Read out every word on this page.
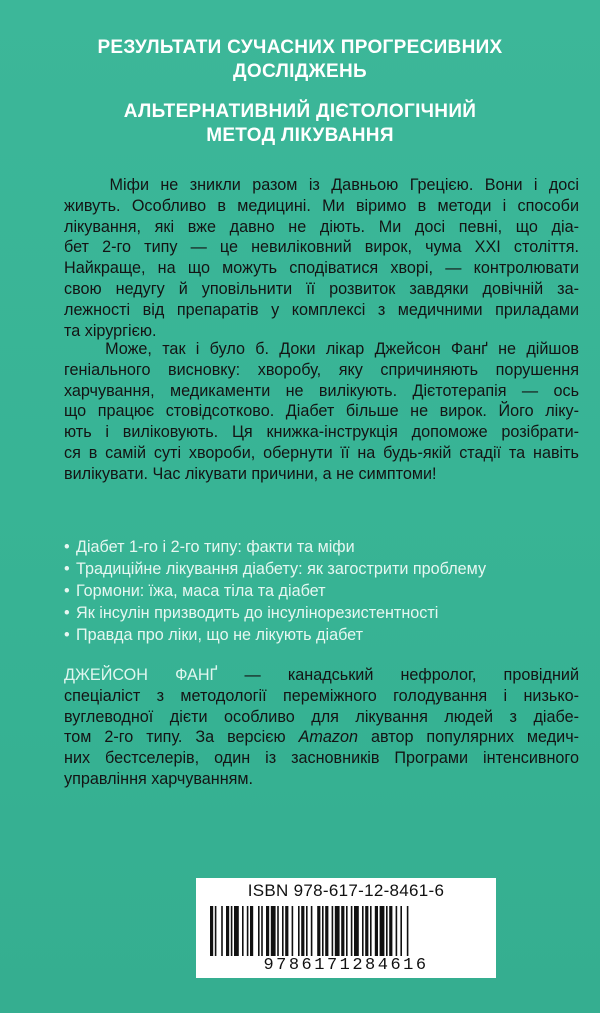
РЕЗУЛЬТАТИ СУЧАСНИХ ПРОГРЕСИВНИХ
ДОСЛІДЖЕНЬ
АЛЬТЕРНАТИВНИЙ ДІЄТОЛОГІЧНИЙ
МЕТОД ЛІКУВАННЯ
Міфи не зникли разом із Давньою Грецією. Вони і досі
живуть. Особливо в медицині. Ми віримо в методи і способи
лікування, які вже давно не діють. Ми досі певні, що діа-
бет 2-го типу — це невиліковний вирок, чума XXI століття.
Найкраще, на що можуть сподіватися хворі, — контролювати
свою недугу й уповільнити її розвиток завдяки довічній за-
лежності від препаратів у комплексі з медичними приладами
та хірургією.
Може, так і було б. Доки лікар Джейсон Фанґ не дійшов
геніального висновку: хворобу, яку спричиняють порушення
харчування, медикаменти не вилікують. Дієтотерапія — ось
що працює стовідсотково. Діабет більше не вирок. Його ліку-
ють і виліковують. Ця книжка-інструкція допоможе розібрати-
ся в самій суті хвороби, обернути її на будь-якій стадії та навіть
вилікувати. Час лікувати причини, а не симптоми!
• Діабет 1-го і 2-го типу: факти та міфи
• Традиційне лікування діабету: як загострити проблему
• Гормони: їжа, маса тіла та діабет
• Як інсулін призводить до інсулінорезистентності
• Правда про ліки, що не лікують діабет
ДЖЕЙСОН ФАНҐ — канадський нефролог, провідний
спеціаліст з методології переміжного голодування і низько-
вуглеводної дієти особливо для лікування людей з діабе-
том 2-го типу. За версією Amazon автор популярних медич-
них бестселерів, один із засновників Програми інтенсивного
управління харчуванням.
ISBN 978-617-12-8461-6
9786171284616
